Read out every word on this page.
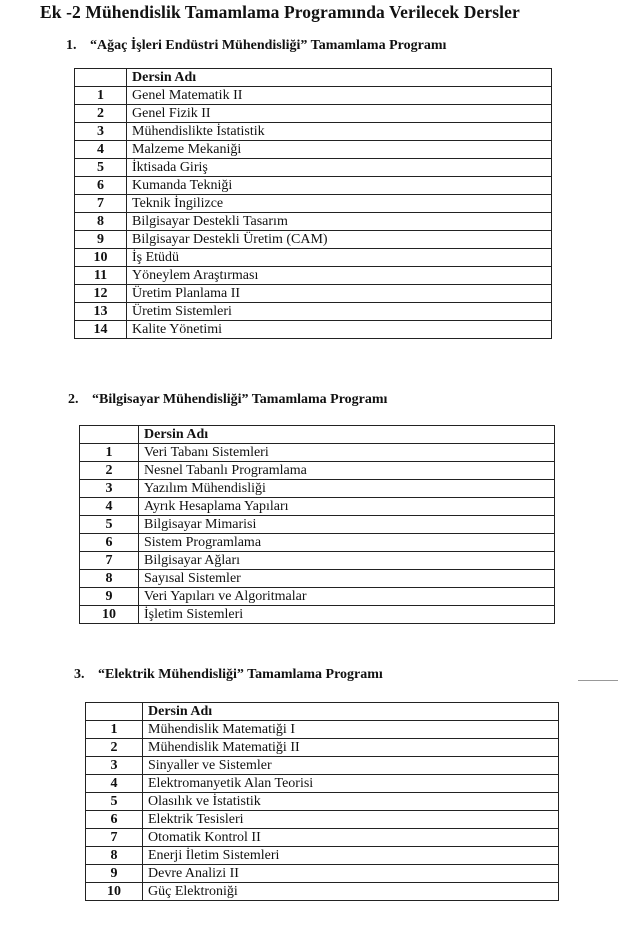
Ek -2 Mühendislik Tamamlama Programında Verilecek Dersler
1. “Ağaç İşleri Endüstri Mühendisliği” Tamamlama Programı
	Dersin Adı
1	Genel Matematik II
2	Genel Fizik II
3	Mühendislikte İstatistik
4	Malzeme Mekaniği
5	İktisada Giriş
6	Kumanda Tekniği
7	Teknik İngilizce
8	Bilgisayar Destekli Tasarım
9	Bilgisayar Destekli Üretim (CAM)
10	İş Etüdü
11	Yöneylem Araştırması
12	Üretim Planlama II
13	Üretim Sistemleri
14	Kalite Yönetimi
2. “Bilgisayar Mühendisliği” Tamamlama Programı
	Dersin Adı
1	Veri Tabanı Sistemleri
2	Nesnel Tabanlı Programlama
3	Yazılım Mühendisliği
4	Ayrık Hesaplama Yapıları
5	Bilgisayar Mimarisi
6	Sistem Programlama
7	Bilgisayar Ağları
8	Sayısal Sistemler
9	Veri Yapıları ve Algoritmalar
10	İşletim Sistemleri
3. “Elektrik Mühendisliği” Tamamlama Programı
	Dersin Adı
1	Mühendislik Matematiği I
2	Mühendislik Matematiği II
3	Sinyaller ve Sistemler
4	Elektromanyetik Alan Teorisi
5	Olasılık ve İstatistik
6	Elektrik Tesisleri
7	Otomatik Kontrol II
8	Enerji İletim Sistemleri
9	Devre Analizi II
10	Güç Elektroniği
